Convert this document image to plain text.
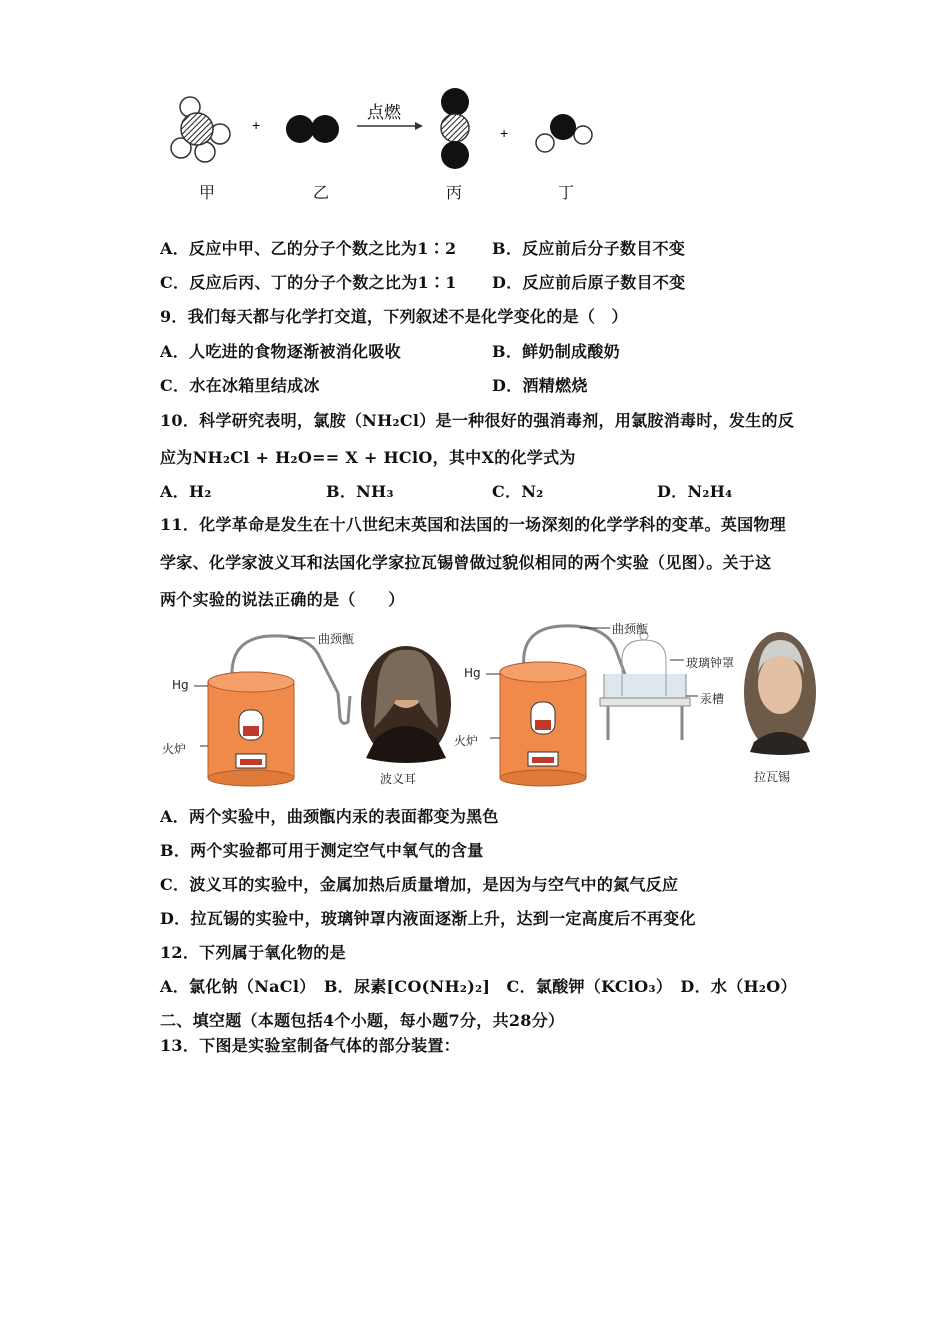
+
点燃
+
甲	乙	丙	丁
A．反应中甲、乙的分子个数之比为1∶2 B．反应前后分子数目不变
C．反应后丙、丁的分子个数之比为1∶1 D．反应前后原子数目不变
9．我们每天都与化学打交道，下列叙述不是化学变化的是（　）
A．人吃进的食物逐渐被消化吸收	B．鲜奶制成酸奶
C．水在冰箱里结成冰	D．酒精燃烧
10．科学研究表明，氯胺（NH₂Cl）是一种很好的强消毒剂，用氯胺消毒时，发生的反
应为NH₂Cl + H₂O== X + HClO，其中X的化学式为
A．H₂	B．NH₃	C．N₂	D．N₂H₄
11．化学革命是发生在十八世纪末英国和法国的一场深刻的化学学科的变革。英国物理
学家、化学家波义耳和法国化学家拉瓦锡曾做过貌似相同的两个实验（见图）。关于这
两个实验的说法正确的是（　　）
曲颈甑
Hg
火炉
波义耳
曲颈甑
Hg
玻璃钟罩
汞槽
火炉
拉瓦锡
A．两个实验中，曲颈甑内汞的表面都变为黑色
B．两个实验都可用于测定空气中氧气的含量
C．波义耳的实验中，金属加热后质量增加，是因为与空气中的氮气反应
D．拉瓦锡的实验中，玻璃钟罩内液面逐渐上升，达到一定高度后不再变化
12．下列属于氧化物的是
A．氯化钠（NaCl）　B．尿素[CO(NH₂)₂]　C．氯酸钾（KClO₃）　D．水（H₂O）
二、填空题（本题包括4个小题，每小题7分，共28分）
13．下图是实验室制备气体的部分装置：
